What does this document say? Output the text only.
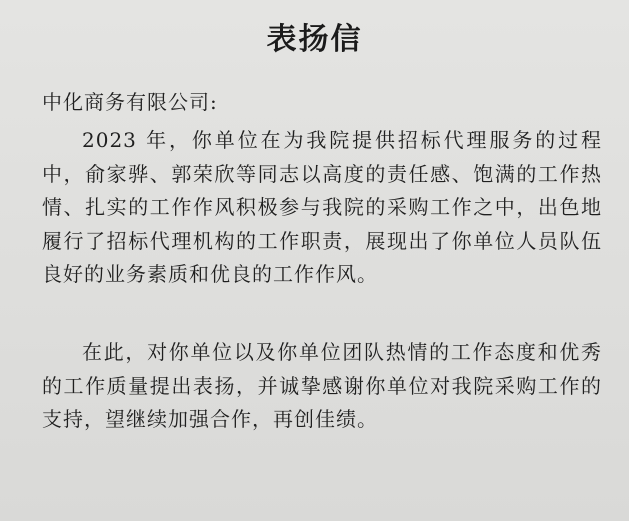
表扬信
中化商务有限公司:
2023 年，你单位在为我院提供招标代理服务的过程中，俞家骅、郭荣欣等同志以高度的责任感、饱满的工作热情、扎实的工作作风积极参与我院的采购工作之中，出色地履行了招标代理机构的工作职责，展现出了你单位人员队伍良好的业务素质和优良的工作作风。
在此，对你单位以及你单位团队热情的工作态度和优秀的工作质量提出表扬，并诚挚感谢你单位对我院采购工作的支持，望继续加强合作，再创佳绩。
